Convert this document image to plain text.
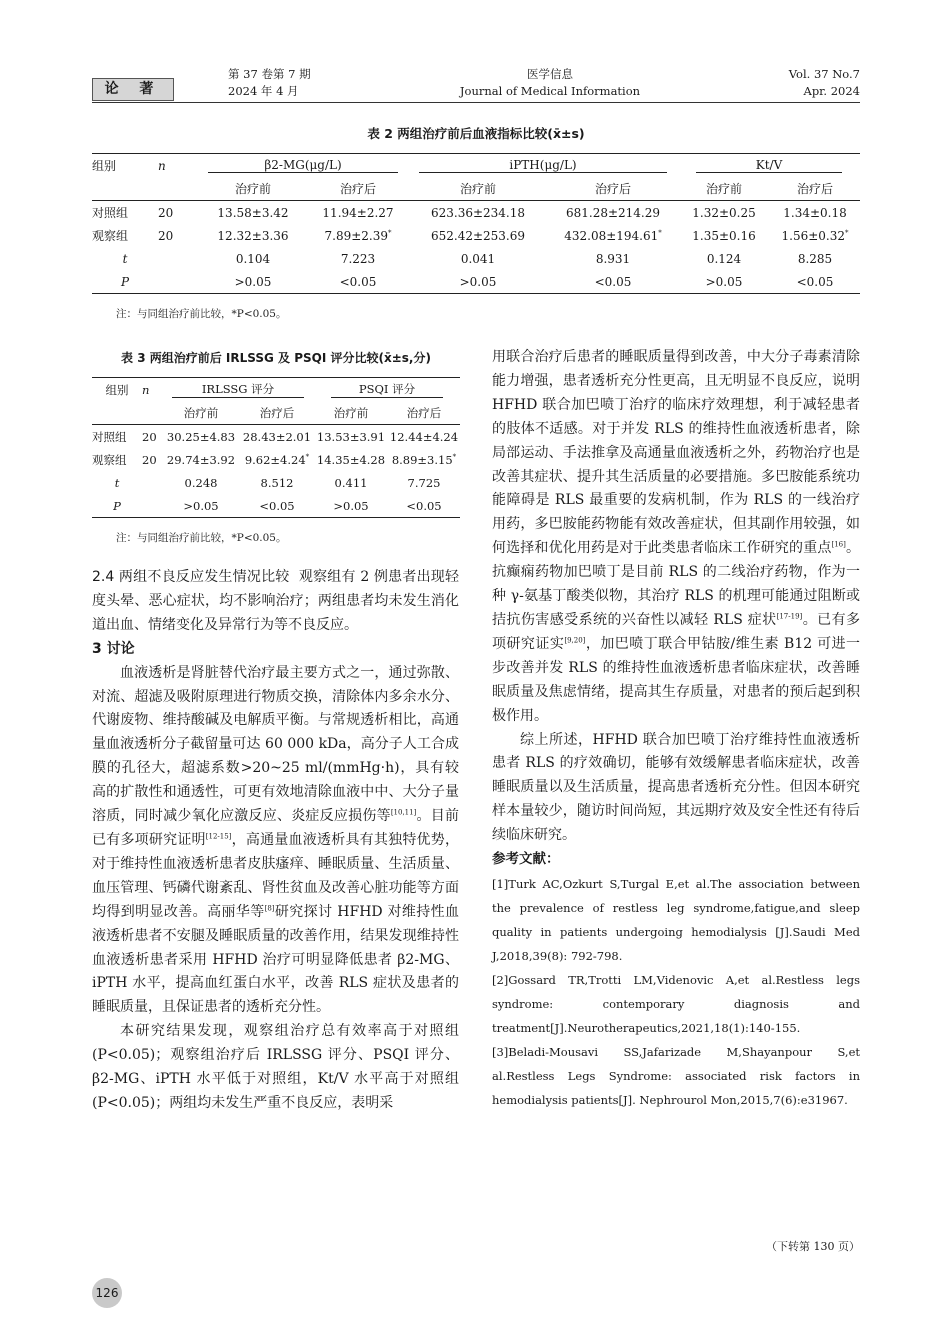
论 著
第 37 卷第 7 期
2024 年 4 月
医学信息
Journal of Medical Information
Vol. 37 No.7
Apr. 2024
表 2 两组治疗前后血液指标比较(x̄±s)
组别	n	β2-MG(μg/L)		iPTH(μg/L)		Kt/V	
		治疗前	治疗后	治疗前	治疗后	治疗前	治疗后
对照组	20	13.58±3.42	11.94±2.27	623.36±234.18	681.28±214.29	1.32±0.25	1.34±0.18
观察组	20	12.32±3.36	7.89±2.39*	652.42±253.69	432.08±194.61*	1.35±0.16	1.56±0.32*
t		0.104	7.223	0.041	8.931	0.124	8.285
P		>0.05	<0.05	>0.05	<0.05	>0.05	<0.05
注：与同组治疗前比较，*P<0.05。
表 3 两组治疗前后 IRLSSG 及 PSQI 评分比较(x̄±s,分)
组别	n	IRLSSG 评分		PSQI 评分	
		治疗前	治疗后	治疗前	治疗后
对照组	20	30.25±4.83	28.43±2.01	13.53±3.91	12.44±4.24
观察组	20	29.74±3.92	9.62±4.24*	14.35±4.28	8.89±3.15*
t		0.248	8.512	0.411	7.725
P		>0.05	<0.05	>0.05	<0.05
注：与同组治疗前比较，*P<0.05。

2.4 两组不良反应发生情况比较 观察组有 2 例患者出现轻度头晕、恶心症状，均不影响治疗；两组患者均未发生消化道出血、情绪变化及异常行为等不良反应。

3 讨论

血液透析是肾脏替代治疗最主要方式之一，通过弥散、对流、超滤及吸附原理进行物质交换，清除体内多余水分、代谢废物、维持酸碱及电解质平衡。与常规透析相比，高通量血液透析分子截留量可达 60 000 kDa，高分子人工合成膜的孔径大，超滤系数>20~25 ml/(mmHg·h)，具有较高的扩散性和通透性，可更有效地清除血液中中、大分子量溶质，同时减少氧化应激反应、炎症反应损伤等[10,11]。目前已有多项研究证明[12-15]，高通量血液透析具有其独特优势，对于维持性血液透析患者皮肤瘙痒、睡眠质量、生活质量、血压管理、钙磷代谢紊乱、肾性贫血及改善心脏功能等方面均得到明显改善。高丽华等[8]研究探讨 HFHD 对维持性血液透析患者不安腿及睡眠质量的改善作用，结果发现维持性血液透析患者采用 HFHD 治疗可明显降低患者 β2-MG、iPTH 水平，提高血红蛋白水平，改善 RLS 症状及患者的睡眠质量，且保证患者的透析充分性。

本研究结果发现，观察组治疗总有效率高于对照组(P<0.05)；观察组治疗后 IRLSSG 评分、PSQI 评分、β2-MG、iPTH 水平低于对照组，Kt/V 水平高于对照组(P<0.05)；两组均未发生严重不良反应，表明采

用联合治疗后患者的睡眠质量得到改善，中大分子毒素清除能力增强，患者透析充分性更高，且无明显不良反应，说明 HFHD 联合加巴喷丁治疗的临床疗效理想，利于减轻患者的肢体不适感。对于并发 RLS 的维持性血液透析患者，除局部运动、手法推拿及高通量血液透析之外，药物治疗也是改善其症状、提升其生活质量的必要措施。多巴胺能系统功能障碍是 RLS 最重要的发病机制，作为 RLS 的一线治疗用药，多巴胺能药物能有效改善症状，但其副作用较强，如何选择和优化用药是对于此类患者临床工作研究的重点[16]。抗癫痫药物加巴喷丁是目前 RLS 的二线治疗药物，作为一种 γ-氨基丁酸类似物，其治疗 RLS 的机理可能通过阻断或拮抗伤害感受系统的兴奋性以减轻 RLS 症状[17-19]。已有多项研究证实[9,20]，加巴喷丁联合甲钴胺/维生素 B12 可进一步改善并发 RLS 的维持性血液透析患者临床症状，改善睡眠质量及焦虑情绪，提高其生存质量，对患者的预后起到积极作用。

综上所述，HFHD 联合加巴喷丁治疗维持性血液透析患者 RLS 的疗效确切，能够有效缓解患者临床症状，改善睡眠质量以及生活质量，提高患者透析充分性。但因本研究样本量较少，随访时间尚短，其远期疗效及安全性还有待后续临床研究。

参考文献：

[1]Turk AC,Ozkurt S,Turgal E,et al.The association between the prevalence of restless leg syndrome,fatigue,and sleep quality in patients undergoing hemodialysis [J].Saudi Med J,2018,39(8): 792-798.

[2]Gossard TR,Trotti LM,Videnovic A,et al.Restless legs syndrome: contemporary diagnosis and treatment[J].Neurotherapeutics,2021,18(1):140-155.

[3]Beladi-Mousavi SS,Jafarizade M,Shayanpour S,et al.Restless Legs Syndrome: associated risk factors in hemodialysis patients[J]. Nephrourol Mon,2015,7(6):e31967.

（下转第 130 页）
126
